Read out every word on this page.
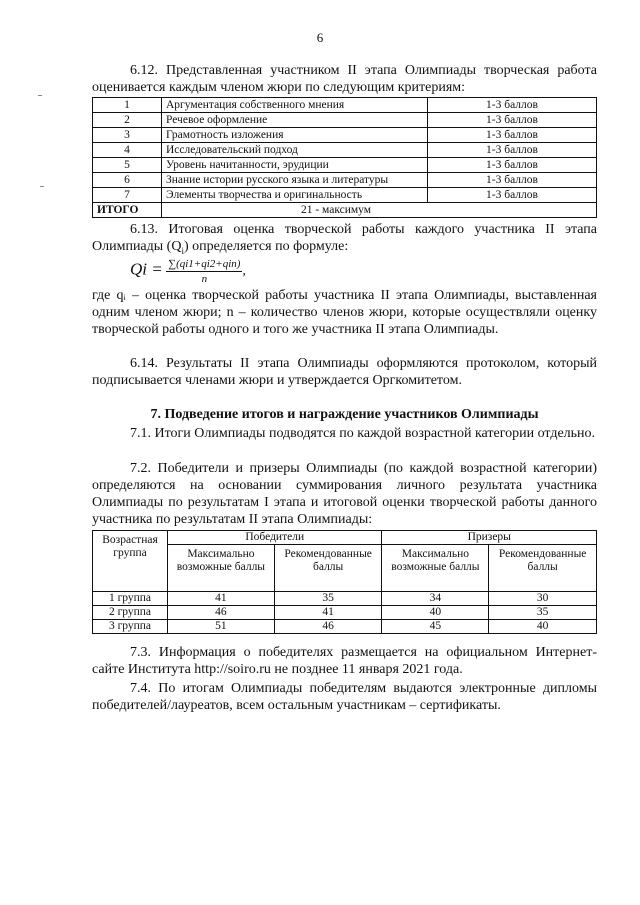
6
6.12. Представленная участником II этапа Олимпиады творческая работа оценивается каждым членом жюри по следующим критериям:
1	Аргументация собственного мнения	1-3 баллов
2	Речевое оформление	1-3 баллов
3	Грамотность изложения	1-3 баллов
4	Исследовательский подход	1-3 баллов
5	Уровень начитанности, эрудиции	1-3 баллов
6	Знание истории русского языка и литературы	1-3 баллов
7	Элементы творчества и оригинальность	1-3 баллов
ИТОГО	21 - максимум	
6.13. Итоговая оценка творческой работы каждого участника II этапа Олимпиады $(Q_i)$ определяется по формуле:
$Qi = \frac{\text{∑(qi1+qi2+qin)}}{n}$ ,
где qᵢ – оценка творческой работы участника II этапа Олимпиады, выставленная одним членом жюри; n – количество членов жюри, которые осуществляли оценку творческой работы одного и того же участника II этапа Олимпиады.
6.14. Результаты II этапа Олимпиады оформляются протоколом, который подписывается членами жюри и утверждается Оргкомитетом.
7. Подведение итогов и награждение участников Олимпиады
7.1. Итоги Олимпиады подводятся по каждой возрастной категории отдельно.
7.2. Победители и призеры Олимпиады (по каждой возрастной категории) определяются на основании суммирования личного результата участника Олимпиады по результатам I этапа и итоговой оценки творческой работы данного участника по результатам II этапа Олимпиады:
Возрастная группа	Победители		Призеры	
	Максимально возможные баллы	Рекомендованные баллы	Максимально возможные баллы	Рекомендованные баллы
1 группа	41	35	34	30
2 группа	46	41	40	35
3 группа	51	46	45	40
7.3. Информация о победителях размещается на официальном Интернет-сайте Института http://soiro.ru не позднее 11 января 2021 года.
7.4. По итогам Олимпиады победителям выдаются электронные дипломы победителей/лауреатов, всем остальным участникам – сертификаты.
